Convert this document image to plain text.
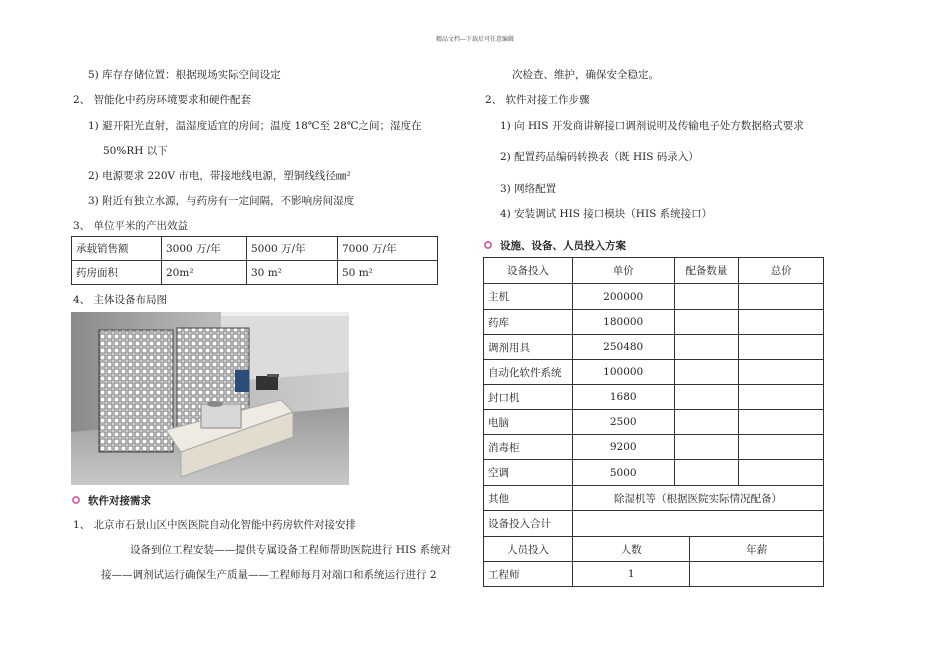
精品文档---下载后可任意编辑
5) 库存存储位置：根据现场实际空间设定
2、 智能化中药房环境要求和硬件配套
1) 避开阳光直射，温湿度适宜的房间；温度 18℃至 28℃之间；湿度在
50%RH 以下
2) 电源要求 220V 市电，带接地线电源，塑铜线线径㎜²
3) 附近有独立水源，与药房有一定间隔，不影响房间湿度
3、 单位平米的产出效益
承载销售额	3000 万/年	5000 万/年	7000 万/年
药房面积	20m²	30 m²	50 m²
4、 主体设备布局图
软件对接需求
1、 北京市石景山区中医医院自动化智能中药房软件对接安排
设备到位工程安装——提供专属设备工程师帮助医院进行 HIS 系统对
接——调剂试运行确保生产质量——工程师每月对端口和系统运行进行 2
次检查、维护，确保安全稳定。
2、 软件对接工作步骤
1) 向 HIS 开发商讲解接口调剂说明及传输电子处方数据格式要求
2) 配置药品编码转换表（既 HIS 码录入）
3) 网络配置
4) 安装调试 HIS 接口模块（HIS 系统接口）
设施、设备、人员投入方案
设备投入	单价	配备数量		总价
主机	200000			
药库	180000			
调剂用具	250480			
自动化软件系统	100000			
封口机	1680			
电脑	2500			
消毒柜	9200			
空调	5000			
其他	除湿机等（根据医院实际情况配备）			
设备投入合计				
人员投入	人数		年薪	
工程师	1			
